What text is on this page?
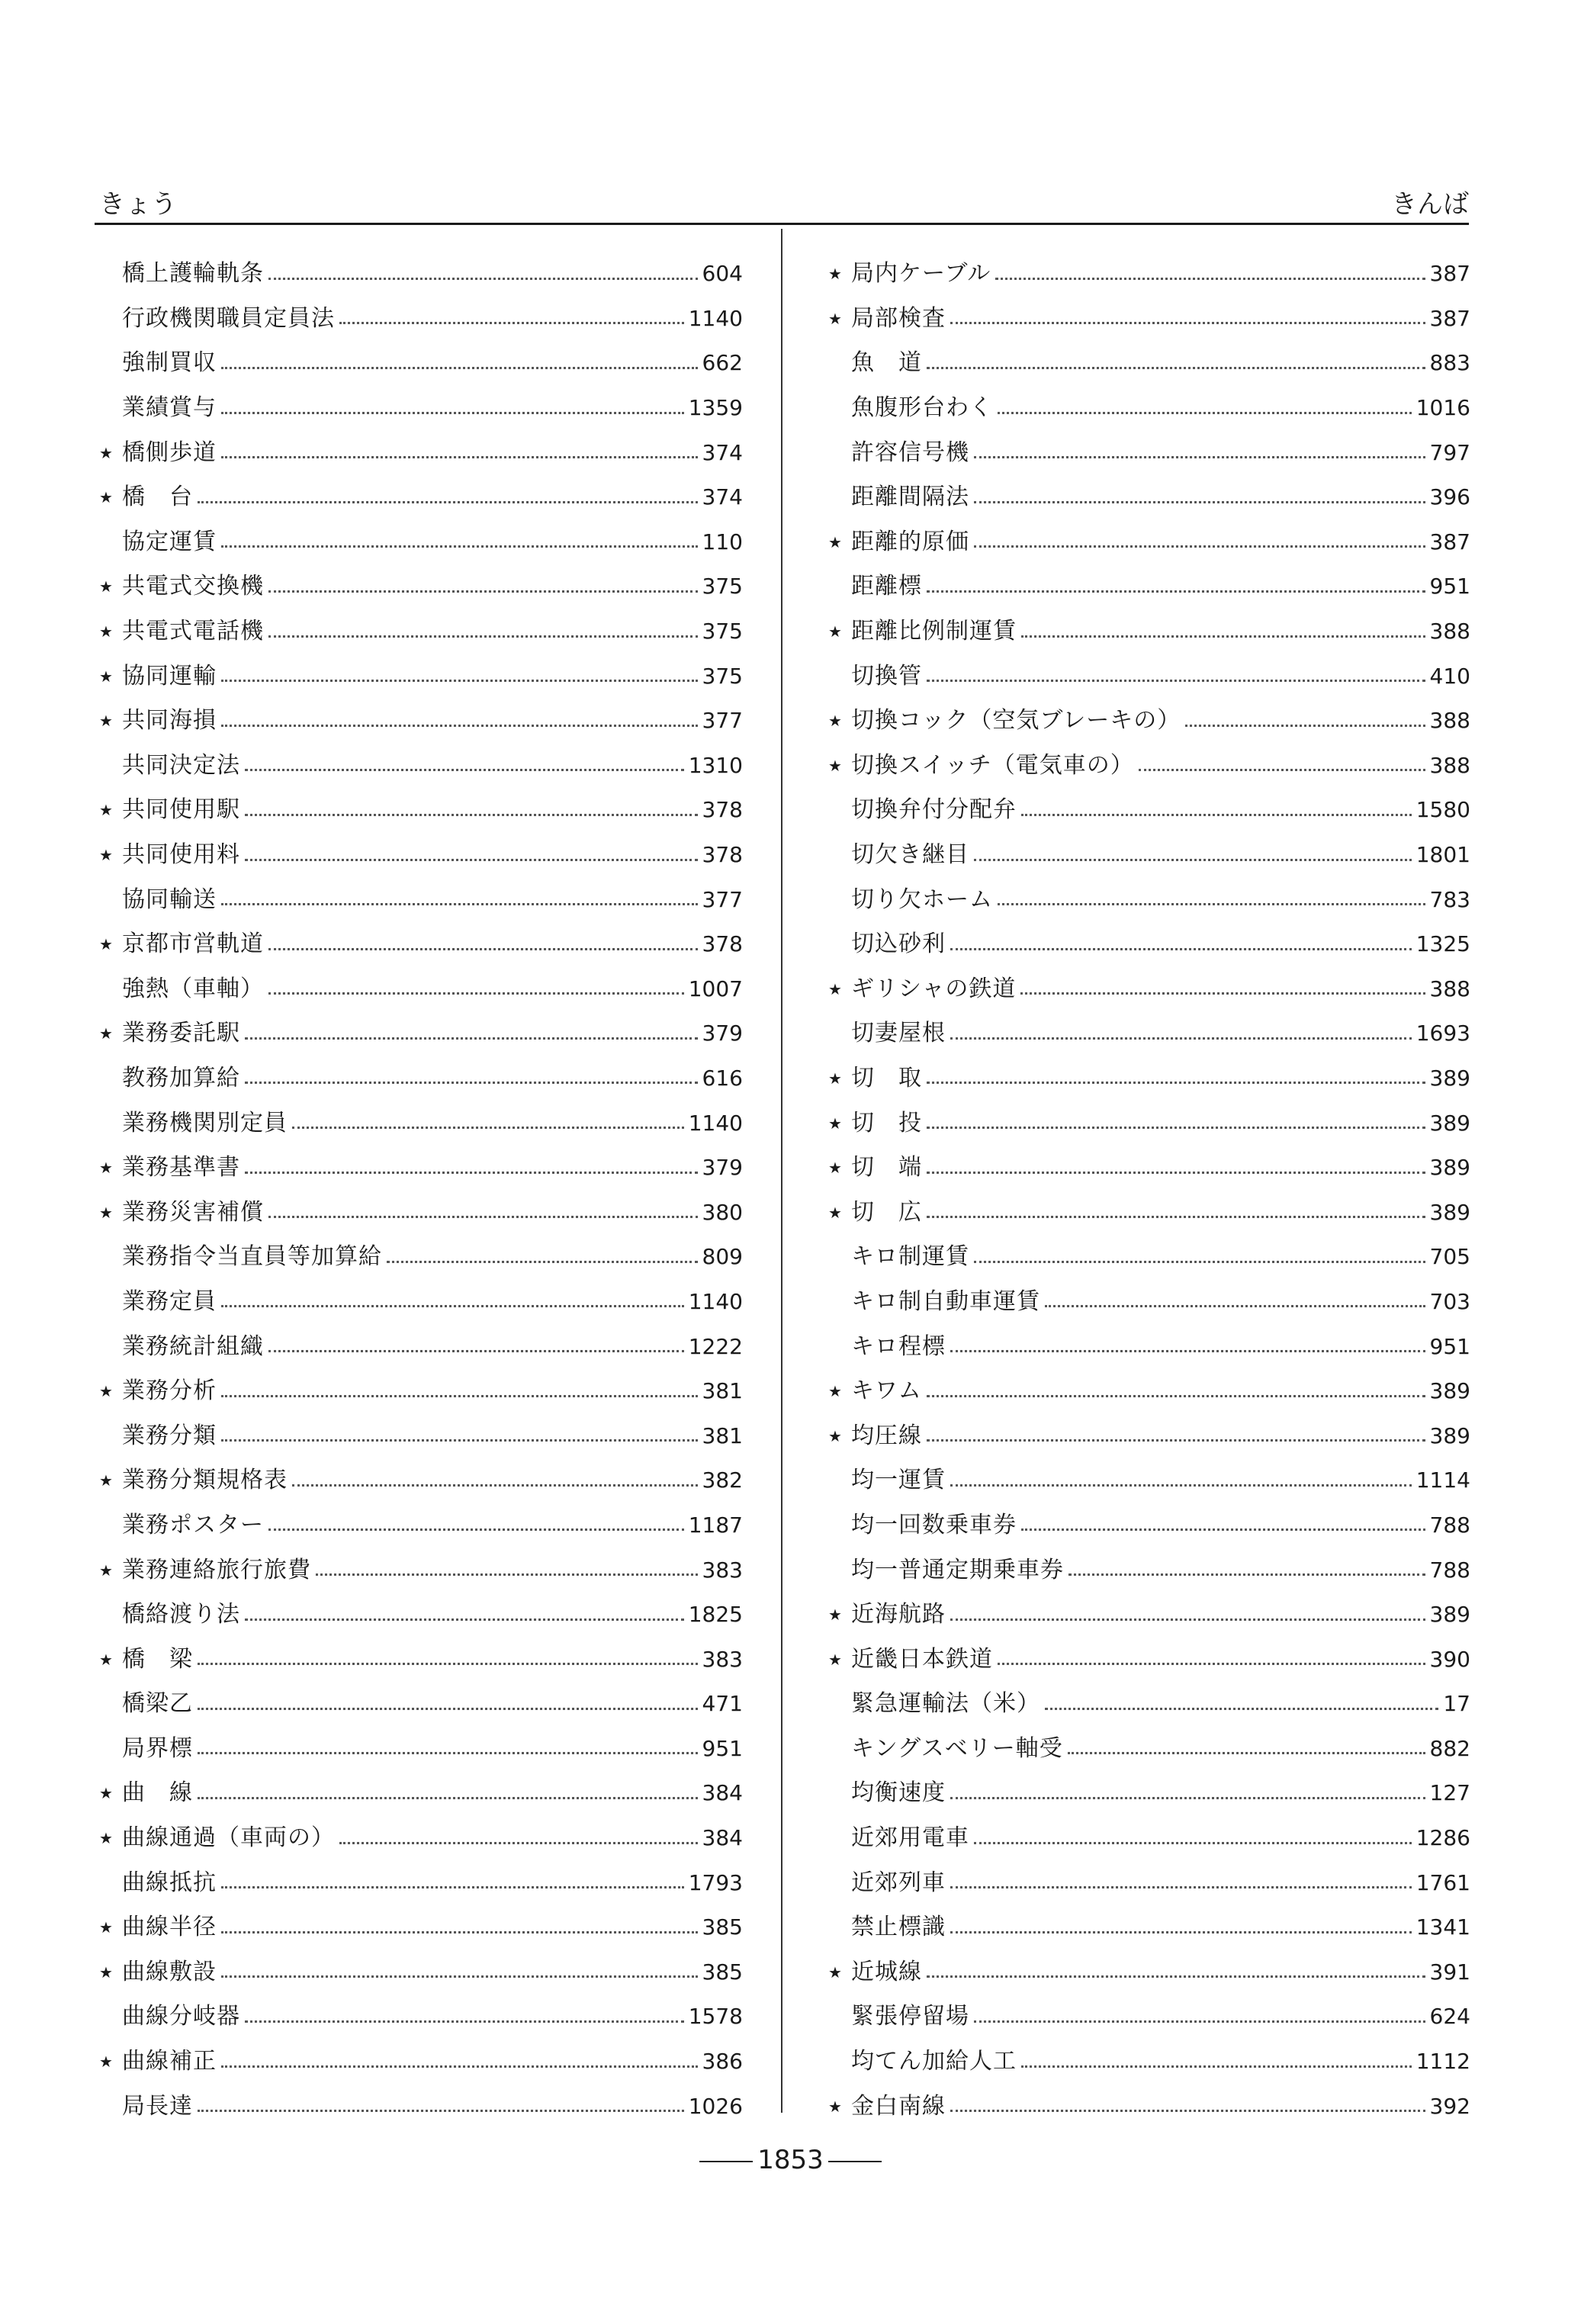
きょう	きんば
橋上護輪軌条	604
行政機関職員定員法	1140
強制買収	662
業績賞与	1359
★ 橋側歩道	374
★ 橋　台	374
協定運賃	110
★ 共電式交換機	375
★ 共電式電話機	375
★ 協同運輸	375
★ 共同海損	377
共同決定法	1310
★ 共同使用駅	378
★ 共同使用料	378
協同輸送	377
★ 京都市営軌道	378
強熱（車軸）	1007
★ 業務委託駅	379
教務加算給	616
業務機関別定員	1140
★ 業務基準書	379
★ 業務災害補償	380
業務指令当直員等加算給	809
業務定員	1140
業務統計組織	1222
★ 業務分析	381
業務分類	381
★ 業務分類規格表	382
業務ポスター	1187
★ 業務連絡旅行旅費	383
橋絡渡り法	1825
★ 橋　梁	383
橋梁乙	471
局界標	951
★ 曲　線	384
★ 曲線通過（車両の）	384
曲線抵抗	1793
★ 曲線半径	385
★ 曲線敷設	385
曲線分岐器	1578
★ 曲線補正	386
局長達	1026
★ 局内ケーブル	387
★ 局部検査	387
魚　道	883
魚腹形台わく	1016
許容信号機	797
距離間隔法	396
★ 距離的原価	387
距離標	951
★ 距離比例制運賃	388
切換管	410
★ 切換コック（空気ブレーキの）	388
★ 切換スイッチ（電気車の）	388
切換弁付分配弁	1580
切欠き継目	1801
切り欠ホーム	783
切込砂利	1325
★ ギリシャの鉄道	388
切妻屋根	1693
★ 切　取	389
★ 切　投	389
★ 切　端	389
★ 切　広	389
キロ制運賃	705
キロ制自動車運賃	703
キロ程標	951
★ キワム	389
★ 均圧線	389
均一運賃	1114
均一回数乗車券	788
均一普通定期乗車券	788
★ 近海航路	389
★ 近畿日本鉄道	390
緊急運輸法（米）	17
キングスベリー軸受	882
均衡速度	127
近郊用電車	1286
近郊列車	1761
禁止標識	1341
★ 近城線	391
緊張停留場	624
均てん加給人工	1112
★ 金白南線	392
1853
